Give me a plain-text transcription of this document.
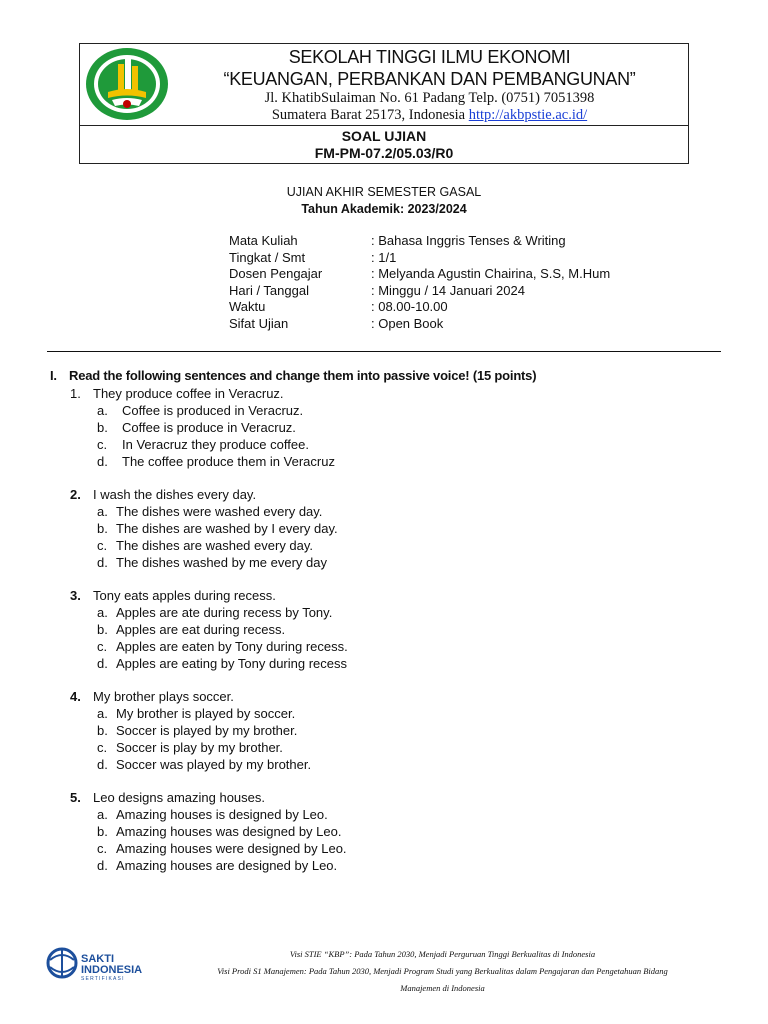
SEKOLAH TINGGI ILMU EKONOMI
“KEUANGAN, PERBANKAN DAN PEMBANGUNAN”
Jl. KhatibSulaiman No. 61 Padang Telp. (0751) 7051398
Sumatera Barat 25173, Indonesia http://akbpstie.ac.id/
SOAL UJIAN
FM-PM-07.2/05.03/R0
UJIAN AKHIR SEMESTER GASAL
Tahun Akademik: 2023/2024
Mata Kuliah	: Bahasa Inggris Tenses & Writing
Tingkat / Smt	: 1/1
Dosen Pengajar	: Melyanda Agustin Chairina, S.S, M.Hum
Hari / Tanggal	: Minggu / 14 Januari 2024
Waktu	: 08.00-10.00
Sifat Ujian	: Open Book
I. Read the following sentences and change them into passive voice! (15 points)
1. They produce coffee in Veracruz.
a. Coffee is produced in Veracruz.
b. Coffee is produce in Veracruz.
c. In Veracruz they produce coffee.
d. The coffee produce them in Veracruz
2. I wash the dishes every day.
a. The dishes were washed every day.
b. The dishes are washed by I every day.
c. The dishes are washed every day.
d. The dishes washed by me every day
3. Tony eats apples during recess.
a. Apples are ate during recess by Tony.
b. Apples are eat during recess.
c. Apples are eaten by Tony during recess.
d. Apples are eating by Tony during recess
4. My brother plays soccer.
a. My brother is played by soccer.
b. Soccer is played by my brother.
c. Soccer is play by my brother.
d. Soccer was played by my brother.
5. Leo designs amazing houses.
a. Amazing houses is designed by Leo.
b. Amazing houses was designed by Leo.
c. Amazing houses were designed by Leo.
d. Amazing houses are designed by Leo.
SAKTI
INDONESIA
SERTIFIKASI
Visi STIE “KBP”: Pada Tahun 2030, Menjadi Perguruan Tinggi Berkualitas di Indonesia
Visi Prodi S1 Manajemen: Pada Tahun 2030, Menjadi Program Studi yang Berkualitas dalam Pengajaran dan Pengetahuan Bidang
Manajemen di Indonesia
